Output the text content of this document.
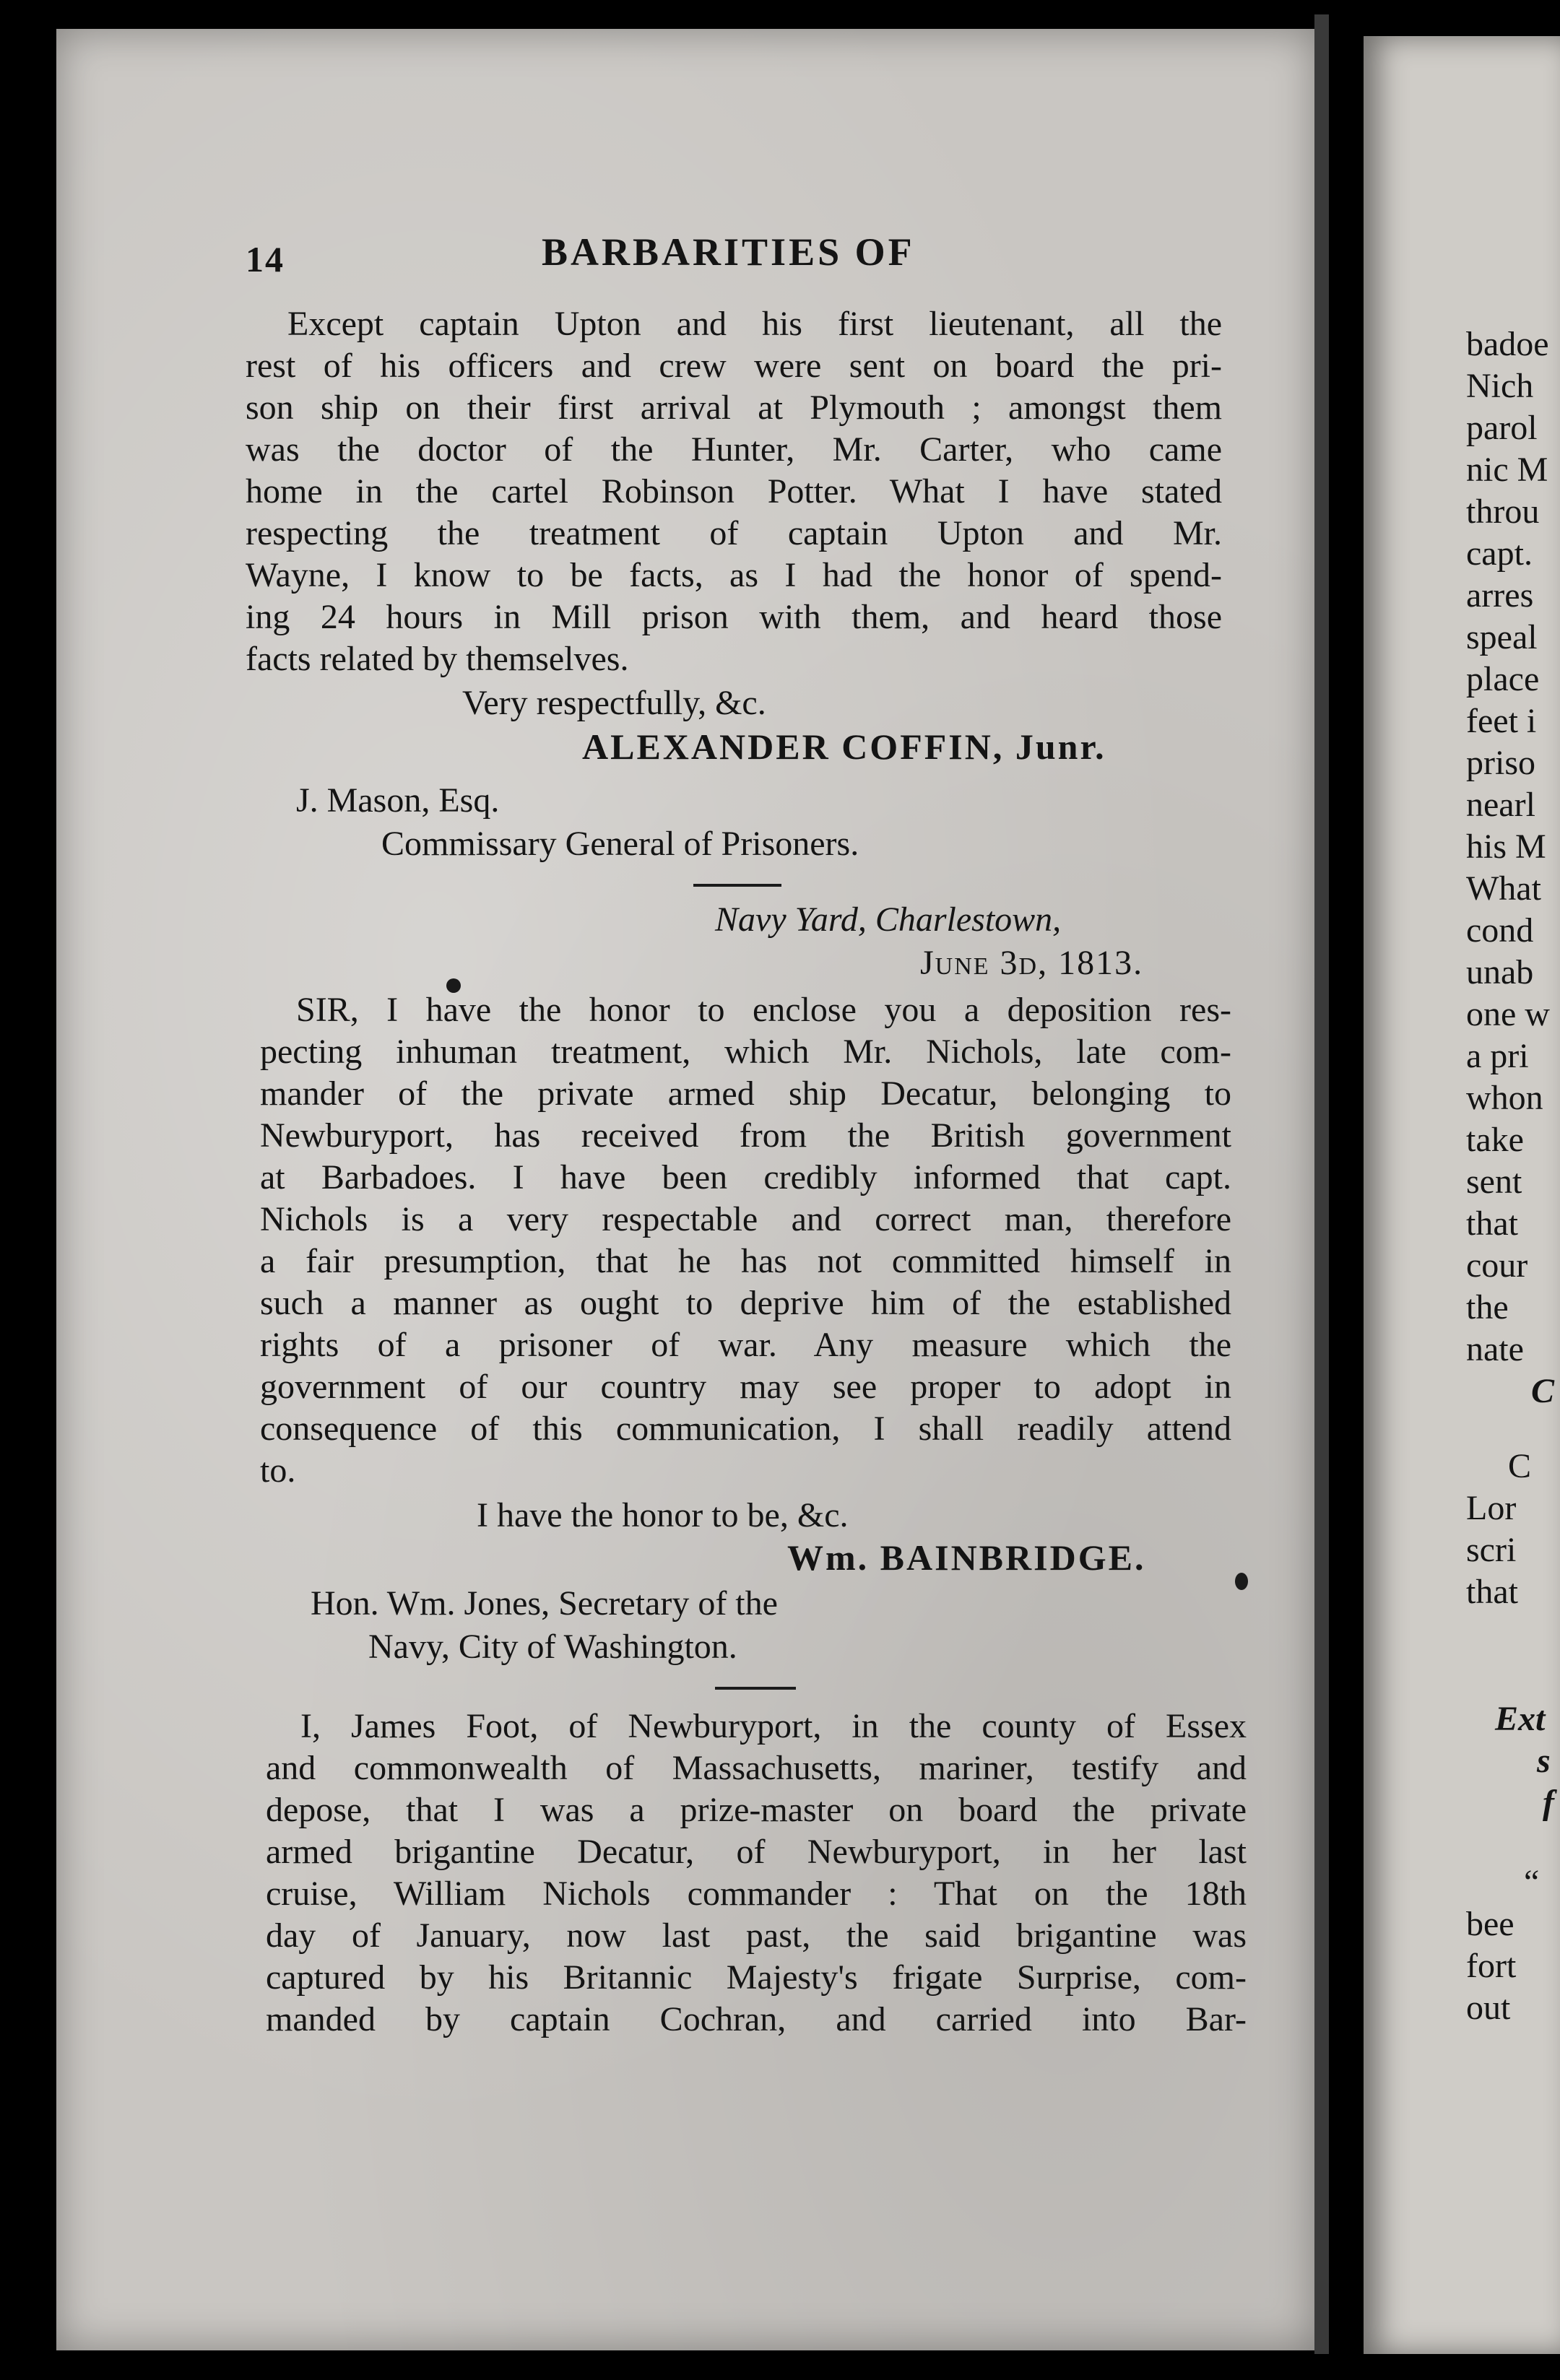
14	BARBARITIES OF
Except captain Upton and his first lieutenant, all the
rest of his officers and crew were sent on board the pri-
son ship on their first arrival at Plymouth ; amongst them
was the doctor of the Hunter, Mr. Carter, who came
home in the cartel Robinson Potter. What I have stated
respecting the treatment of captain Upton and Mr.
Wayne, I know to be facts, as I had the honor of spend-
ing 24 hours in Mill prison with them, and heard those
facts related by themselves.
Very respectfully, &c.
ALEXANDER COFFIN, Junr.
J. Mason, Esq.
Commissary General of Prisoners.
Navy Yard, Charlestown,
June 3d, 1813.
SIR, I have the honor to enclose you a deposition res-
pecting inhuman treatment, which Mr. Nichols, late com-
mander of the private armed ship Decatur, belonging to
Newburyport, has received from the British government
at Barbadoes. I have been credibly informed that capt.
Nichols is a very respectable and correct man, therefore
a fair presumption, that he has not committed himself in
such a manner as ought to deprive him of the established
rights of a prisoner of war. Any measure which the
government of our country may see proper to adopt in
consequence of this communication, I shall readily attend
to.
I have the honor to be, &c.
Wm. BAINBRIDGE.
Hon. Wm. Jones, Secretary of the
Navy, City of Washington.
I, James Foot, of Newburyport, in the county of Essex
and commonwealth of Massachusetts, mariner, testify and
depose, that I was a prize-master on board the private
armed brigantine Decatur, of Newburyport, in her last
cruise, William Nichols commander : That on the 18th
day of January, now last past, the said brigantine was
captured by his Britannic Majesty's frigate Surprise, com-
manded by captain Cochran, and carried into Bar-
badoe
Nich
parol
nic M
throu
capt.
arres
speal
place
feet i
priso
nearl
his M
What
cond
unab
one w
a pri
whon
take
sent
that
cour
the
nate
C
C
Lor
scri
that
Ext
s
f
“
bee
fort
out
